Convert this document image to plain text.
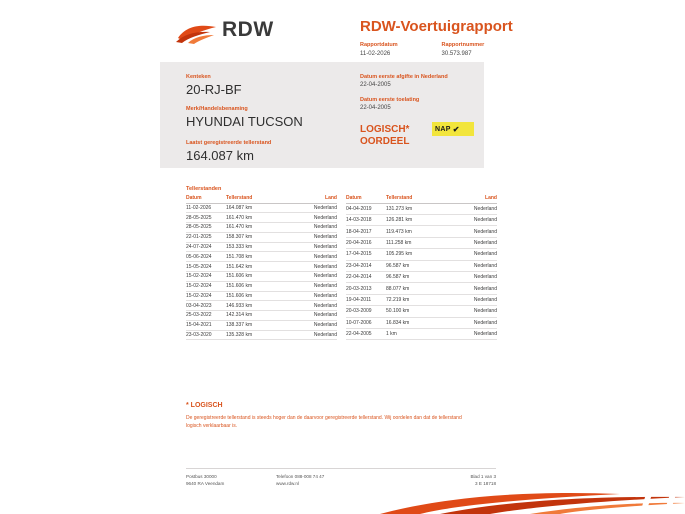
RDW	RDW-Voertuigrapport
Rapportdatum
11-02-2026

Rapportnummer
30.573.987
Kenteken
20-RJ-BF
Merk/Handelsbenaming
HYUNDAI TUCSON
Laatst geregistreerde tellerstand
164.087 km
Datum eerste afgifte in Nederland
22-04-2005
Datum eerste toelating
22-04-2005
LOGISCH*
OORDEEL
NAP ✔
Tellerstanden
Datum	Tellerstand	Land
11-02-2026	164.087 km	Nederland
28-05-2025	161.470 km	Nederland
28-05-2025	161.470 km	Nederland
22-01-2025	158.307 km	Nederland
24-07-2024	153.333 km	Nederland
05-06-2024	151.708 km	Nederland
15-05-2024	151.642 km	Nederland
15-02-2024	151.606 km	Nederland
15-02-2024	151.606 km	Nederland
15-02-2024	151.606 km	Nederland
03-04-2023	146.933 km	Nederland
25-03-2022	142.314 km	Nederland
15-04-2021	138.337 km	Nederland
23-03-2020	135.328 km	Nederland
Datum	Tellerstand	Land
04-04-2019	131.273 km	Nederland
14-03-2018	126.281 km	Nederland
18-04-2017	119.473 km	Nederland
20-04-2016	111.258 km	Nederland
17-04-2015	105.295 km	Nederland
23-04-2014	96.587 km	Nederland
22-04-2014	96.587 km	Nederland
20-03-2013	88.077 km	Nederland
19-04-2011	72.219 km	Nederland
20-03-2009	50.100 km	Nederland
10-07-2006	16.834 km	Nederland
22-04-2005	1 km	Nederland
* LOGISCH
De geregistreerde tellerstand is steeds hoger dan de daarvoor geregistreerde tellerstand. Wij oordelen dan dat de tellerstand logisch verklaarbaar is.
Postbus 30000
9640 RA Veendam
Telefoon 088-008 74 47
www.rdw.nl
Blad 1 van 3
3 E 18718
